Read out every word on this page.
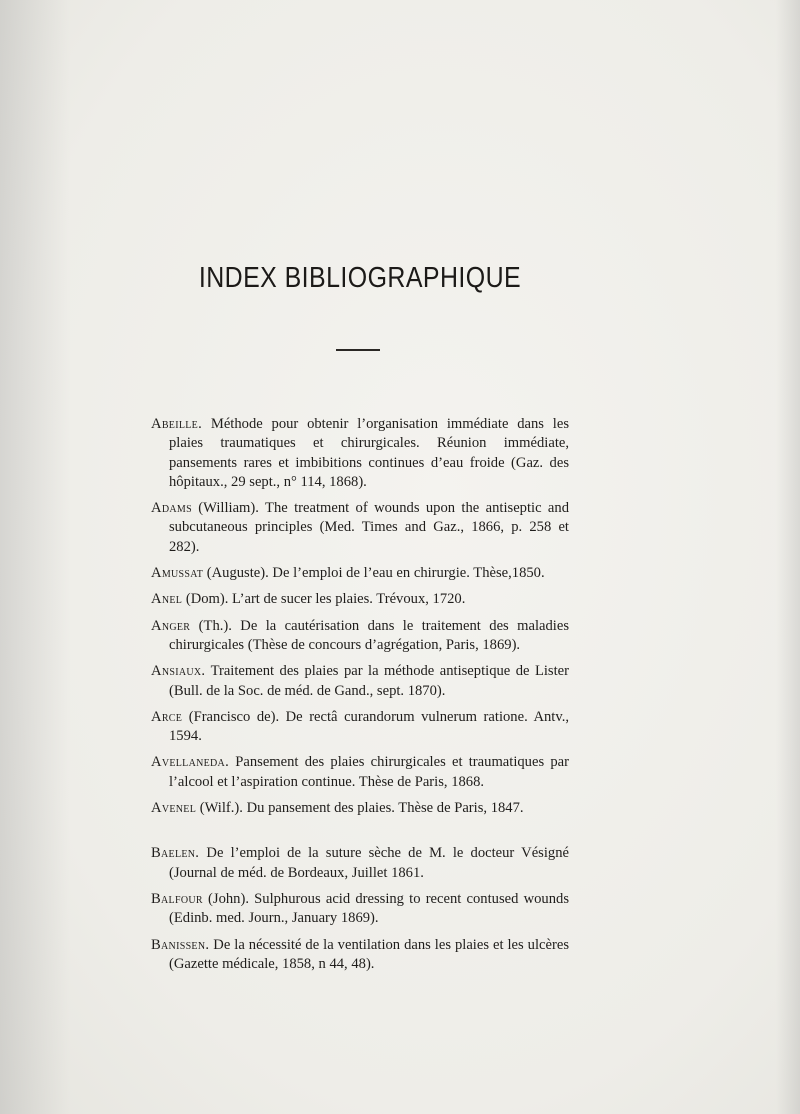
INDEX BIBLIOGRAPHIQUE
Abeille. Méthode pour obtenir l’organisation immédiate dans les plaies traumatiques et chirurgicales. Réunion immédiate, pansements rares et imbibitions continues d’eau froide (Gaz. des hôpitaux., 29 sept., n° 114, 1868).
Adams (William). The treatment of wounds upon the antiseptic and subcutaneous principles (Med. Times and Gaz., 1866, p. 258 et 282).
Amussat (Auguste). De l’emploi de l’eau en chirurgie. Thèse,1850.
Anel (Dom). L’art de sucer les plaies. Trévoux, 1720.
Anger (Th.). De la cautérisation dans le traitement des maladies chirurgicales (Thèse de concours d’agrégation, Paris, 1869).
Ansiaux. Traitement des plaies par la méthode antiseptique de Lister (Bull. de la Soc. de méd. de Gand., sept. 1870).
Arce (Francisco de). De rectâ curandorum vulnerum ratione. Antv., 1594.
Avellaneda. Pansement des plaies chirurgicales et traumatiques par l’alcool et l’aspiration continue. Thèse de Paris, 1868.
Avenel (Wilf.). Du pansement des plaies. Thèse de Paris, 1847.
Baelen. De l’emploi de la suture sèche de M. le docteur Vésigné (Journal de méd. de Bordeaux, Juillet 1861.
Balfour (John). Sulphurous acid dressing to recent contused wounds (Edinb. med. Journ., January 1869).
Banissen. De la nécessité de la ventilation dans les plaies et les ulcères (Gazette médicale, 1858, n 44, 48).
